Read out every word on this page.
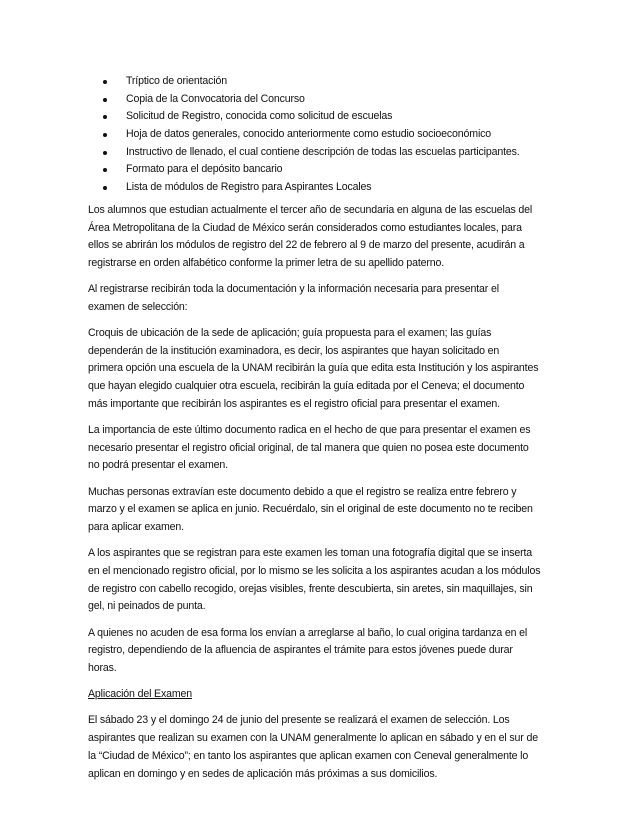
Tríptico de orientación
Copia de la Convocatoria del Concurso
Solicitud de Registro, conocida como solicitud de escuelas
Hoja de datos generales, conocido anteriormente como estudio socioeconómico
Instructivo de llenado, el cual contiene descripción de todas las escuelas participantes.
Formato para el depósito bancario
Lista de módulos de Registro para Aspirantes Locales

Los alumnos que estudian actualmente el tercer año de secundaria en alguna de las escuelas del
Área Metropolitana de la Ciudad de México serán considerados como estudiantes locales, para
ellos se abrirán los módulos de registro del 22 de febrero al 9 de marzo del presente, acudirán a
registrarse en orden alfabético conforme la primer letra de su apellido paterno.

Al registrarse recibirán toda la documentación y la información necesaria para presentar el
examen de selección:

Croquis de ubicación de la sede de aplicación; guía propuesta para el examen; las guías
dependerán de la institución examinadora, es decir, los aspirantes que hayan solicitado en
primera opción una escuela de la UNAM recibirán la guía que edita esta Institución y los aspirantes
que hayan elegido cualquier otra escuela, recibirán la guía editada por el Ceneva; el documento
más importante que recibirán los aspirantes es el registro oficial para presentar el examen.

La importancia de este último documento radica en el hecho de que para presentar el examen es
necesario presentar el registro oficial original, de tal manera que quien no posea este documento
no podrá presentar el examen.

Muchas personas extravían este documento debido a que el registro se realiza entre febrero y
marzo y el examen se aplica en junio. Recuérdalo, sin el original de este documento no te reciben
para aplicar examen.

A los aspirantes que se registran para este examen les toman una fotografía digital que se inserta
en el mencionado registro oficial, por lo mismo se les solicita a los aspirantes acudan a los módulos
de registro con cabello recogido, orejas visibles, frente descubierta, sin aretes, sin maquillajes, sin
gel, ni peinados de punta.

A quienes no acuden de esa forma los envían a arreglarse al baño, lo cual origina tardanza en el
registro, dependiendo de la afluencia de aspirantes el trámite para estos jóvenes puede durar
horas.

Aplicación del Examen

El sábado 23 y el domingo 24 de junio del presente se realizará el examen de selección. Los
aspirantes que realizan su examen con la UNAM generalmente lo aplican en sábado y en el sur de
la “Ciudad de México”; en tanto los aspirantes que aplican examen con Ceneval generalmente lo
aplican en domingo y en sedes de aplicación más próximas a sus domicilios.
